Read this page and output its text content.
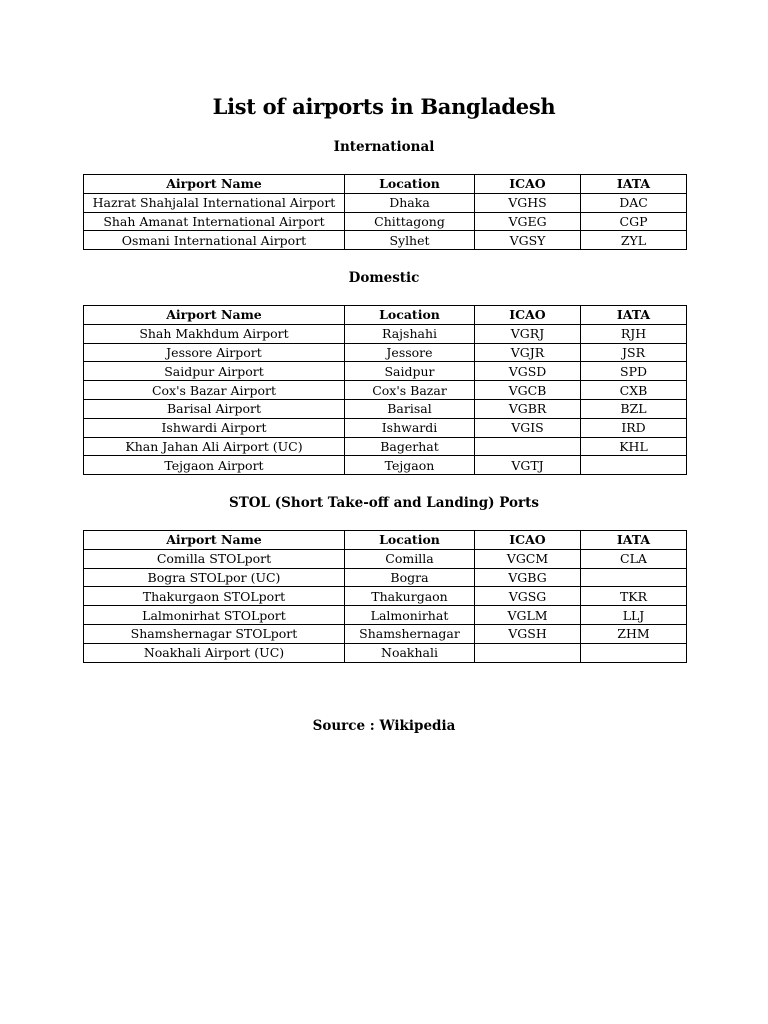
List of airports in Bangladesh
International
Airport Name	Location	ICAO	IATA
Hazrat Shahjalal International Airport	Dhaka	VGHS	DAC
Shah Amanat International Airport	Chittagong	VGEG	CGP
Osmani International Airport	Sylhet	VGSY	ZYL
Domestic
Airport Name	Location	ICAO	IATA
Shah Makhdum Airport	Rajshahi	VGRJ	RJH
Jessore Airport	Jessore	VGJR	JSR
Saidpur Airport	Saidpur	VGSD	SPD
Cox's Bazar Airport	Cox's Bazar	VGCB	CXB
Barisal Airport	Barisal	VGBR	BZL
Ishwardi Airport	Ishwardi	VGIS	IRD
Khan Jahan Ali Airport (UC)	Bagerhat		KHL
Tejgaon Airport	Tejgaon	VGTJ	
STOL (Short Take-off and Landing) Ports
Airport Name	Location	ICAO	IATA
Comilla STOLport	Comilla	VGCM	CLA
Bogra STOLpor (UC)	Bogra	VGBG	
Thakurgaon STOLport	Thakurgaon	VGSG	TKR
Lalmonirhat STOLport	Lalmonirhat	VGLM	LLJ
Shamshernagar STOLport	Shamshernagar	VGSH	ZHM
Noakhali Airport (UC)	Noakhali		
Source : Wikipedia
